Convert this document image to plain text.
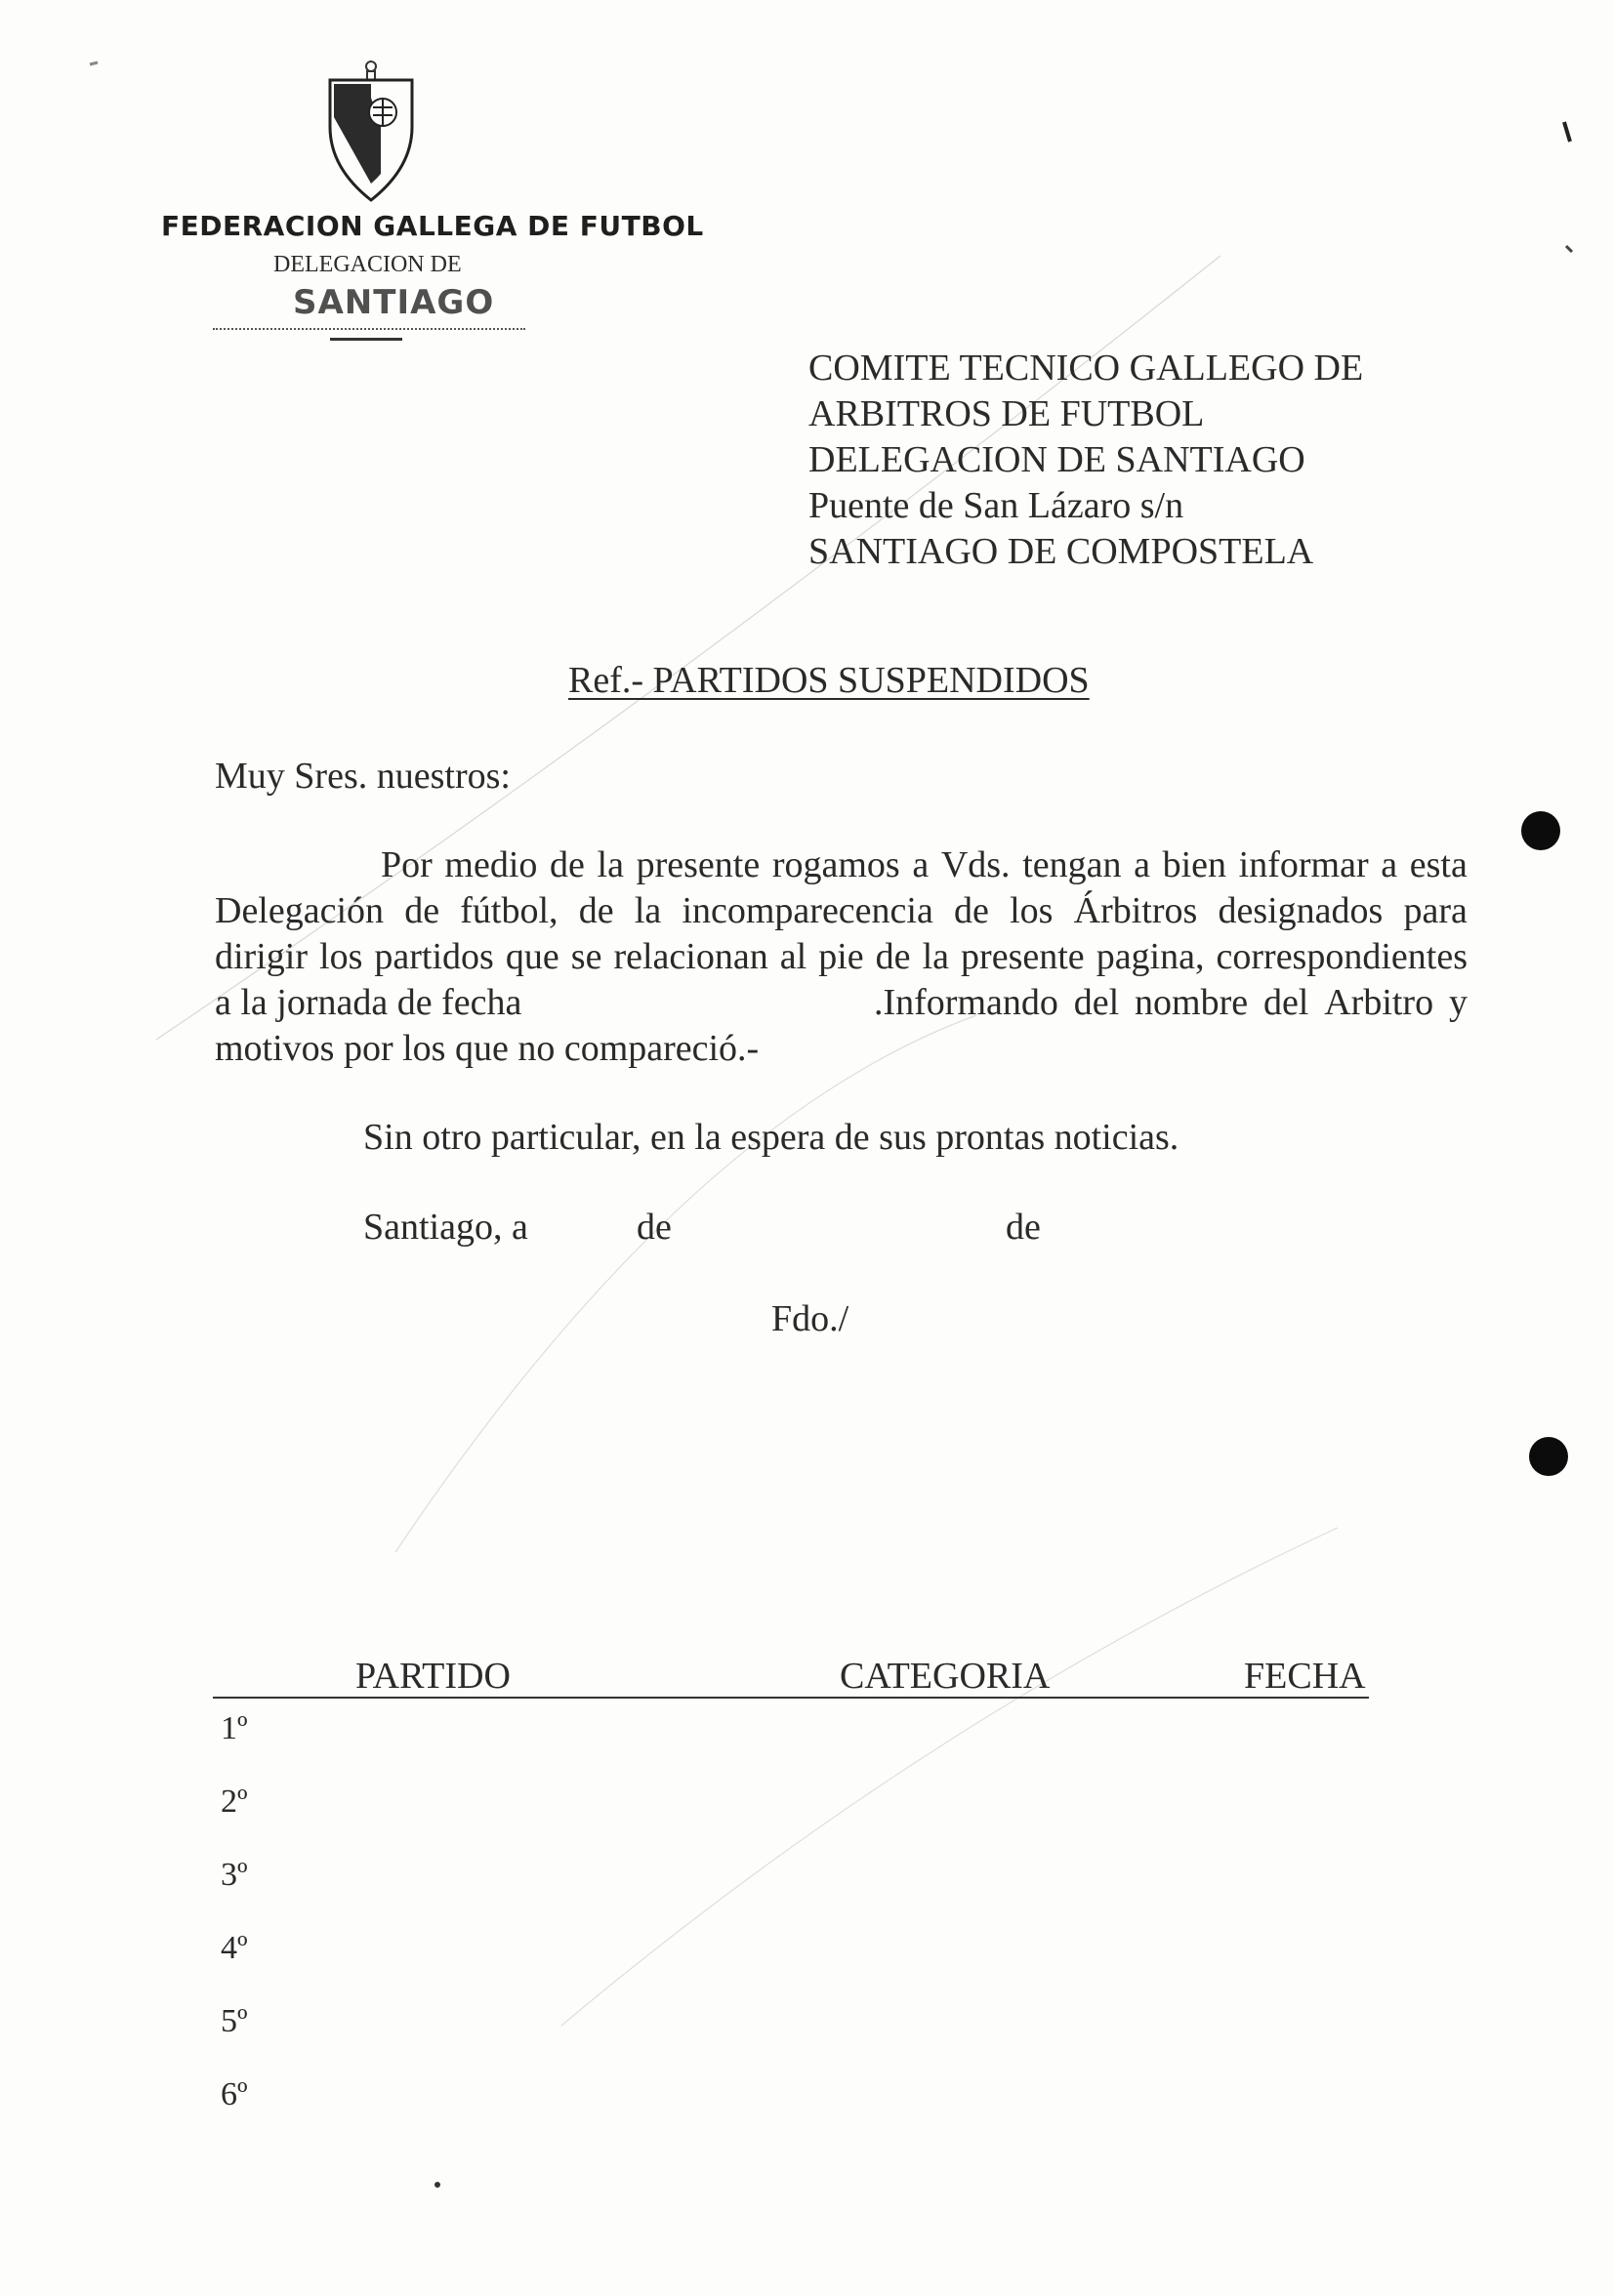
FEDERACION GALLEGA DE FUTBOL
DELEGACION DE
SANTIAGO
COMITE TECNICO GALLEGO DE
ARBITROS DE FUTBOL
DELEGACION DE SANTIAGO
Puente de San Lázaro s/n
SANTIAGO DE COMPOSTELA
Ref.- PARTIDOS SUSPENDIDOS
Muy Sres. nuestros:
Por medio de la presente rogamos a Vds. tengan a bien informar a esta
Delegación de fútbol, de la incomparecencia de los Árbitros designados para
dirigir los partidos que se relacionan al pie de la presente pagina, correspondientes
a la jornada de fecha	.Informando del nombre del Arbitro y
motivos por los que no compareció.-
Sin otro particular, en la espera de sus prontas noticias.
Santiago, a	de	de
Fdo./
PARTIDO	CATEGORIA	FECHA
1º
2º
3º
4º
5º
6º
